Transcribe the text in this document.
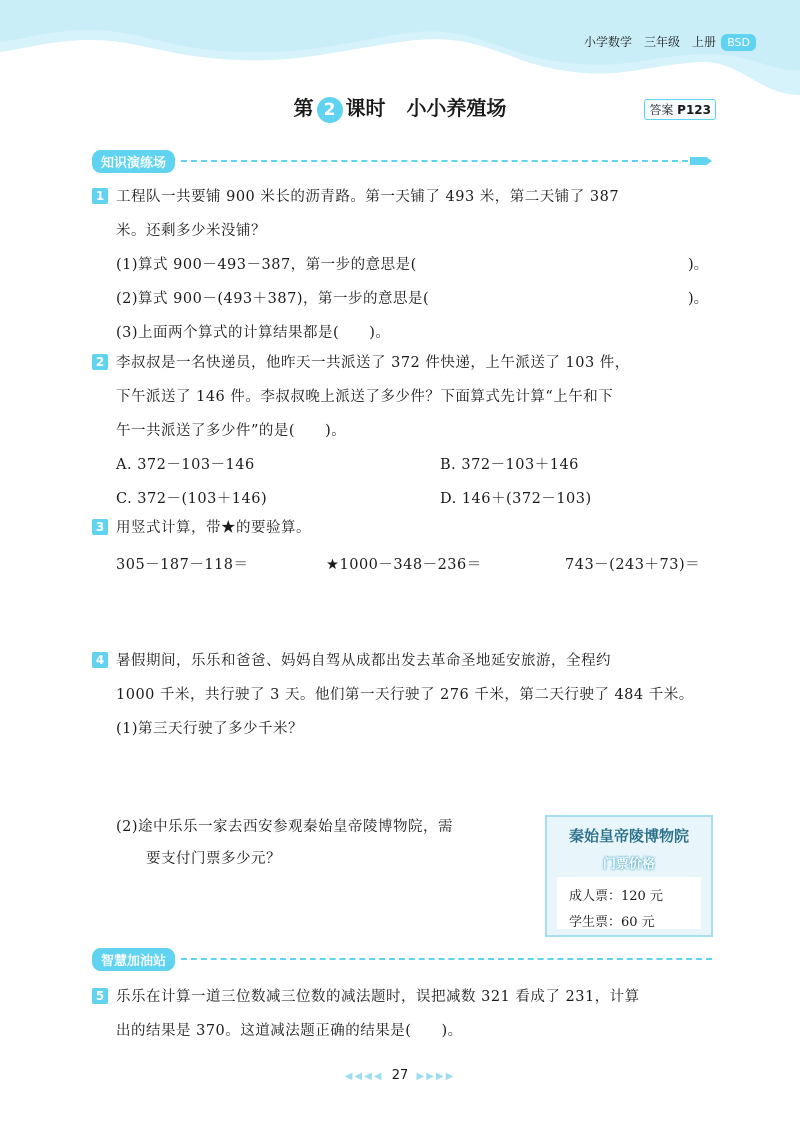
小学数学 三年级 上册	BSD
第 2 课时 小小养殖场	答案 P123
知识演练场
1 工程队一共要铺 900 米长的沥青路。第一天铺了 493 米，第二天铺了 387
米。还剩多少米没铺？
(1)算式 900－493－387，第一步的意思是(	)。
(2)算式 900－(493＋387)，第一步的意思是(	)。
(3)上面两个算式的计算结果都是(　　)。
2 李叔叔是一名快递员，他昨天一共派送了 372 件快递，上午派送了 103 件，
下午派送了 146 件。李叔叔晚上派送了多少件？下面算式先计算“上午和下
午一共派送了多少件”的是(　　)。
A. 372－103－146	B. 372－103＋146
C. 372－(103＋146)	D. 146＋(372－103)
3 用竖式计算，带★的要验算。
305－187－118＝	★1000－348－236＝	743－(243＋73)＝
4 暑假期间，乐乐和爸爸、妈妈自驾从成都出发去革命圣地延安旅游，全程约
1000 千米，共行驶了 3 天。他们第一天行驶了 276 千米，第二天行驶了 484 千米。
(1)第三天行驶了多少千米？
(2)途中乐乐一家去西安参观秦始皇帝陵博物院，需
要支付门票多少元？
秦始皇帝陵博物院
门票价格
成人票：120 元
学生票：60 元
智慧加油站
5 乐乐在计算一道三位数减三位数的减法题时，误把减数 321 看成了 231，计算
出的结果是 370。这道减法题正确的结果是(　　)。
◀◀◀◀ 27 ▶▶▶▶
